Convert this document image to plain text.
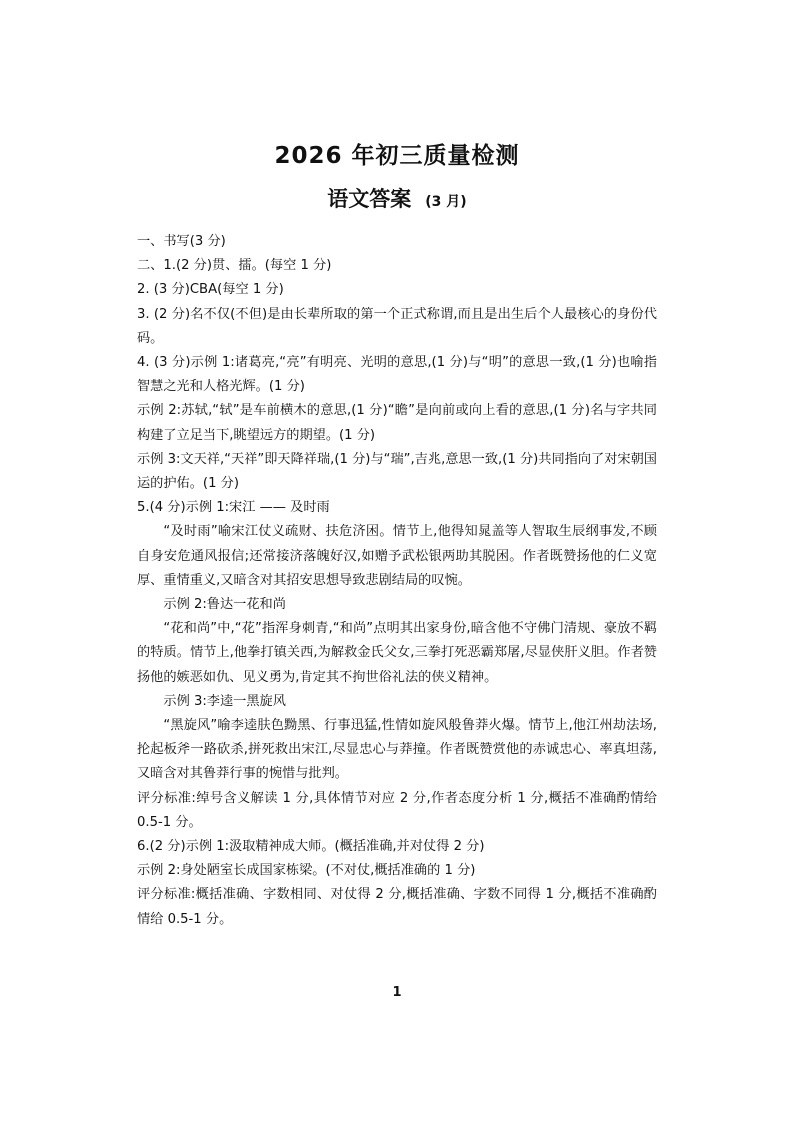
2026 年初三质量检测
语文答案 (3 月)

一、书写(3 分)

二、1.(2 分)贯、擂。(每空 1 分)

2. (3 分)CBA(每空 1 分)

3. (2 分)名不仅(不但)是由长辈所取的第一个正式称谓,而且是出生后个人最核心的身份代码。

4. (3 分)示例 1:诸葛亮,“亮”有明亮、光明的意思,(1 分)与“明”的意思一致,(1 分)也喻指智慧之光和人格光辉。(1 分)

示例 2:苏轼,“轼”是车前横木的意思,(1 分)“瞻”是向前或向上看的意思,(1 分)名与字共同构建了立足当下,眺望远方的期望。(1 分)

示例 3:文天祥,“天祥”即天降祥瑞,(1 分)与“瑞”,吉兆,意思一致,(1 分)共同指向了对宋朝国运的护佑。(1 分)

5.(4 分)示例 1:宋江 —— 及时雨

“及时雨”喻宋江仗义疏财、扶危济困。情节上,他得知晁盖等人智取生辰纲事发,不顾自身安危通风报信;还常接济落魄好汉,如赠予武松银两助其脱困。作者既赞扬他的仁义宽厚、重情重义,又暗含对其招安思想导致悲剧结局的叹惋。

示例 2:鲁达一花和尚

“花和尚”中,“花”指浑身刺青,“和尚”点明其出家身份,暗含他不守佛门清规、豪放不羁的特质。情节上,他拳打镇关西,为解救金氏父女,三拳打死恶霸郑屠,尽显侠肝义胆。作者赞扬他的嫉恶如仇、见义勇为,肯定其不拘世俗礼法的侠义精神。

示例 3:李逵一黑旋风

“黑旋风”喻李逵肤色黝黑、行事迅猛,性情如旋风般鲁莽火爆。情节上,他江州劫法场,抡起板斧一路砍杀,拼死救出宋江,尽显忠心与莽撞。作者既赞赏他的赤诚忠心、率真坦荡,又暗含对其鲁莽行事的惋惜与批判。

评分标准:绰号含义解读 1 分,具体情节对应 2 分,作者态度分析 1 分,概括不准确酌情给 0.5-1 分。

6.(2 分)示例 1:汲取精神成大师。(概括准确,并对仗得 2 分)

示例 2:身处陋室长成国家栋梁。(不对仗,概括准确的 1 分)

评分标准:概括准确、字数相同、对仗得 2 分,概括准确、字数不同得 1 分,概括不准确酌情给 0.5-1 分。

1
